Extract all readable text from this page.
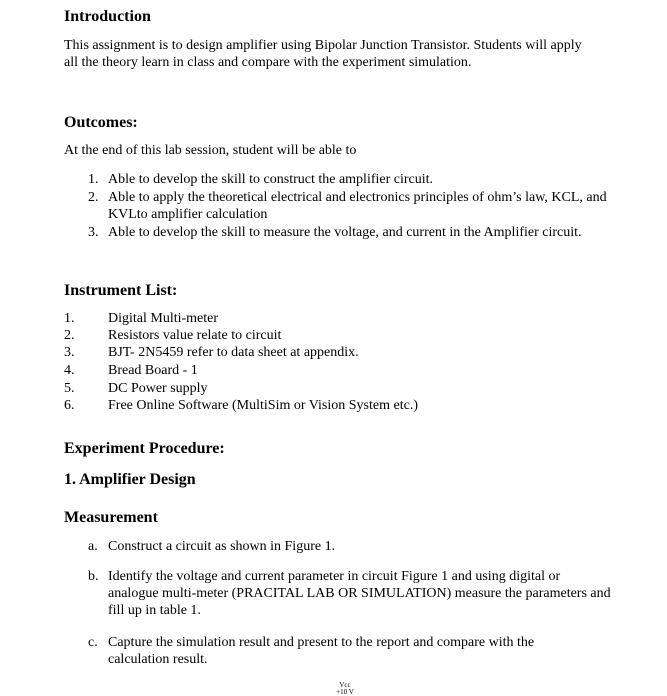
Introduction

This assignment is to design amplifier using Bipolar Junction Transistor. Students will apply all the theory learn in class and compare with the experiment simulation.

Outcomes:

At the end of this lab session, student will be able to

1. Able to develop the skill to construct the amplifier circuit.
2. Able to apply the theoretical electrical and electronics principles of ohm’s law, KCL, and KVLto amplifier calculation
3. Able to develop the skill to measure the voltage, and current in the Amplifier circuit.
Instrument List:
1. Digital Multi-meter
2. Resistors value relate to circuit
3. BJT- 2N5459 refer to data sheet at appendix.
4. Bread Board - 1
5. DC Power supply
6. Free Online Software (MultiSim or Vision System etc.)
Experiment Procedure:
1. Amplifier Design
Measurement
a. Construct a circuit as shown in Figure 1.
b. Identify the voltage and current parameter in circuit Figure 1 and using digital or analogue multi-meter (PRACITAL LAB OR SIMULATION) measure the parameters and fill up in table 1.
c. Capture the simulation result and present to the report and compare with the calculation result.
Vcc
+10 V
